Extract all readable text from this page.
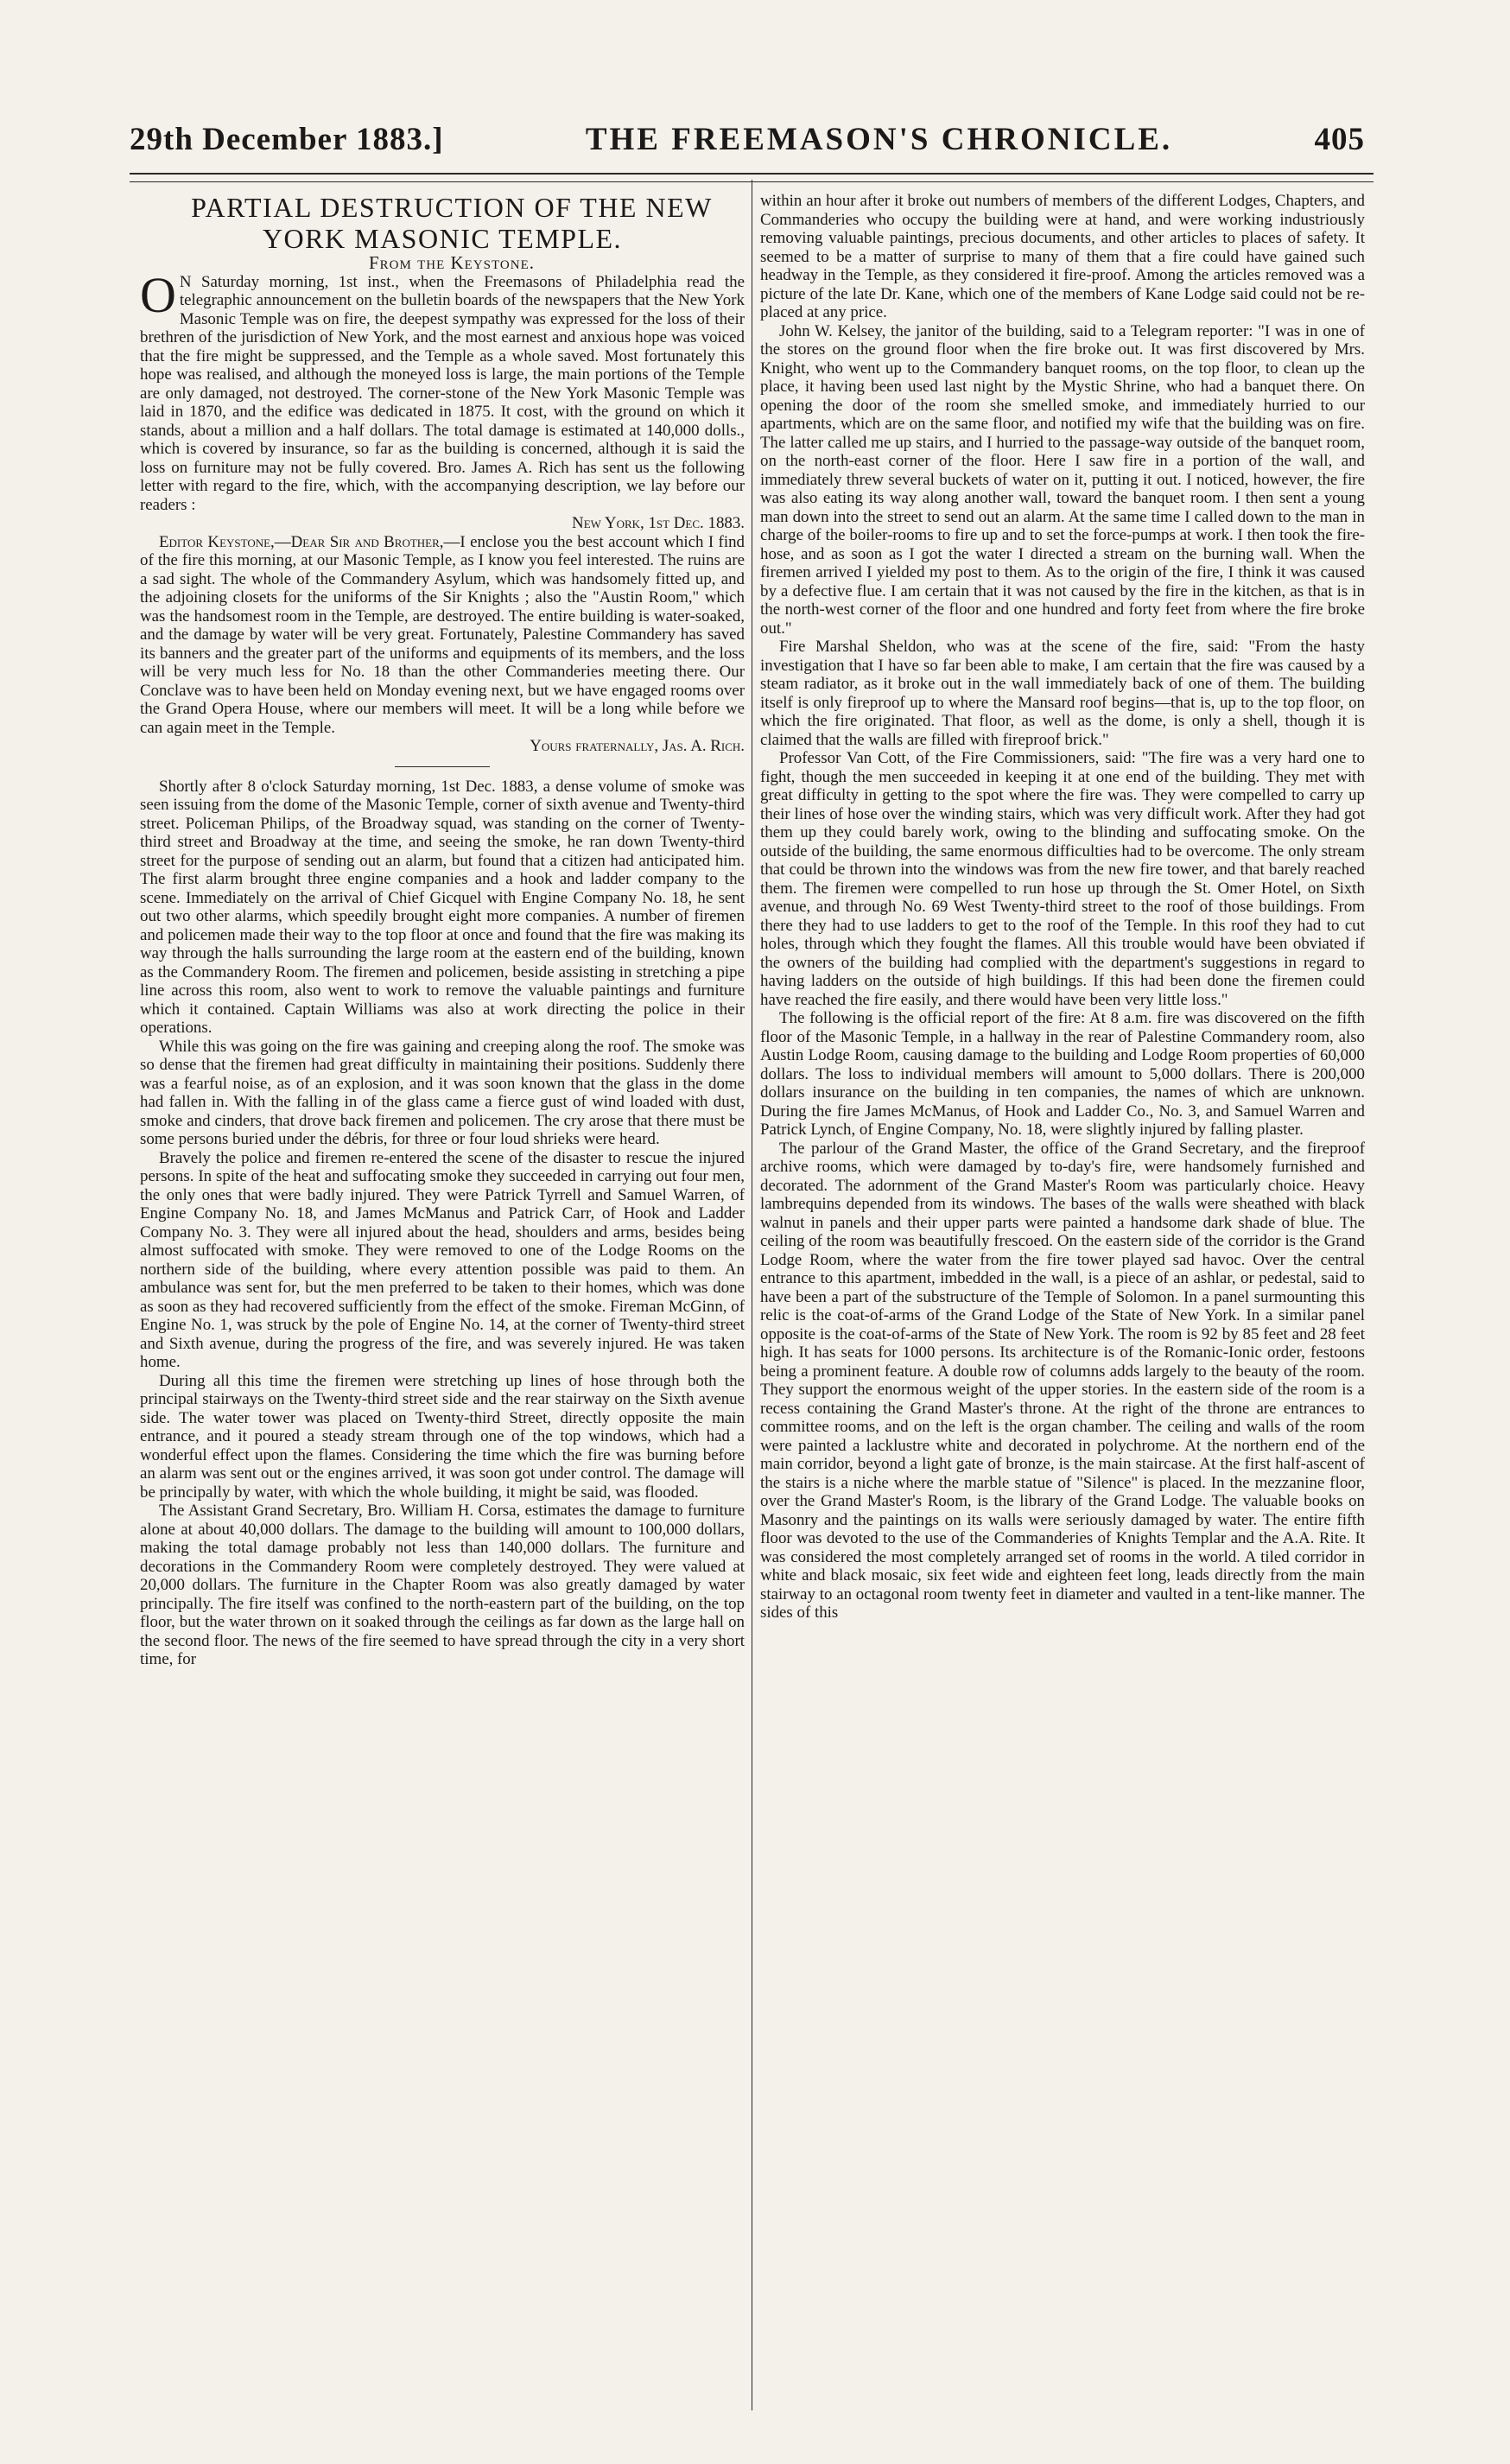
29th December 1883.]	THE FREEMASON'S CHRONICLE.	405

PARTIAL DESTRUCTION OF THE NEW YORK MASONIC TEMPLE.

From the Keystone.

O N Saturday morning, 1st inst., when the Freemasons of Philadelphia read the telegraphic announcement on the bulletin boards of the newspapers that the New York Masonic Temple was on fire, the deepest sympathy was expressed for the loss of their brethren of the jurisdiction of New York, and the most earnest and anxious hope was voiced that the fire might be suppressed, and the Temple as a whole saved. Most fortunately this hope was realised, and although the moneyed loss is large, the main portions of the Temple are only damaged, not destroyed. The corner-stone of the New York Masonic Temple was laid in 1870, and the edifice was dedicated in 1875. It cost, with the ground on which it stands, about a million and a half dollars. The total damage is estimated at 140,000 dolls., which is covered by insurance, so far as the building is concerned, although it is said the loss on furniture may not be fully covered. Bro. James A. Rich has sent us the following letter with regard to the fire, which, with the accompanying description, we lay before our readers :

New York, 1st Dec. 1883.

Editor Keystone,—Dear Sir and Brother,—I enclose you the best account which I find of the fire this morning, at our Masonic Temple, as I know you feel interested. The ruins are a sad sight. The whole of the Commandery Asylum, which was handsomely fitted up, and the adjoining closets for the uniforms of the Sir Knights ; also the "Austin Room," which was the handsomest room in the Temple, are destroyed. The entire building is water-soaked, and the damage by water will be very great. Fortunately, Palestine Commandery has saved its banners and the greater part of the uniforms and equipments of its members, and the loss will be very much less for No. 18 than the other Commanderies meeting there. Our Conclave was to have been held on Monday evening next, but we have engaged rooms over the Grand Opera House, where our members will meet. It will be a long while before we can again meet in the Temple.

Yours fraternally, Jas. A. Rich.

Shortly after 8 o'clock Saturday morning, 1st Dec. 1883, a dense volume of smoke was seen issuing from the dome of the Masonic Temple, corner of sixth avenue and Twenty-third street. Policeman Philips, of the Broadway squad, was standing on the corner of Twenty-third street and Broadway at the time, and seeing the smoke, he ran down Twenty-third street for the purpose of sending out an alarm, but found that a citizen had anticipated him. The first alarm brought three engine companies and a hook and ladder company to the scene. Immediately on the arrival of Chief Gicquel with Engine Company No. 18, he sent out two other alarms, which speedily brought eight more companies. A number of firemen and policemen made their way to the top floor at once and found that the fire was making its way through the halls surrounding the large room at the eastern end of the building, known as the Commandery Room. The firemen and policemen, beside assisting in stretching a pipe line across this room, also went to work to remove the valuable paintings and furniture which it contained. Captain Williams was also at work directing the police in their operations.

While this was going on the fire was gaining and creeping along the roof. The smoke was so dense that the firemen had great difficulty in maintaining their positions. Suddenly there was a fearful noise, as of an explosion, and it was soon known that the glass in the dome had fallen in. With the falling in of the glass came a fierce gust of wind loaded with dust, smoke and cinders, that drove back firemen and policemen. The cry arose that there must be some persons buried under the débris, for three or four loud shrieks were heard.

Bravely the police and firemen re-entered the scene of the disaster to rescue the injured persons. In spite of the heat and suffocating smoke they succeeded in carrying out four men, the only ones that were badly injured. They were Patrick Tyrrell and Samuel Warren, of Engine Company No. 18, and James McManus and Patrick Carr, of Hook and Ladder Company No. 3. They were all injured about the head, shoulders and arms, besides being almost suffocated with smoke. They were removed to one of the Lodge Rooms on the northern side of the building, where every attention possible was paid to them. An ambulance was sent for, but the men preferred to be taken to their homes, which was done as soon as they had recovered sufficiently from the effect of the smoke. Fireman McGinn, of Engine No. 1, was struck by the pole of Engine No. 14, at the corner of Twenty-third street and Sixth avenue, during the progress of the fire, and was severely injured. He was taken home.

During all this time the firemen were stretching up lines of hose through both the principal stairways on the Twenty-third street side and the rear stairway on the Sixth avenue side. The water tower was placed on Twenty-third Street, directly opposite the main entrance, and it poured a steady stream through one of the top windows, which had a wonderful effect upon the flames. Considering the time which the fire was burning before an alarm was sent out or the engines arrived, it was soon got under control. The damage will be principally by water, with which the whole building, it might be said, was flooded.

The Assistant Grand Secretary, Bro. William H. Corsa, estimates the damage to furniture alone at about 40,000 dollars. The damage to the building will amount to 100,000 dollars, making the total damage probably not less than 140,000 dollars. The furniture and decorations in the Commandery Room were completely destroyed. They were valued at 20,000 dollars. The furniture in the Chapter Room was also greatly damaged by water principally. The fire itself was confined to the north-eastern part of the building, on the top floor, but the water thrown on it soaked through the ceilings as far down as the large hall on the second floor. The news of the fire seemed to have spread through the city in a very short time, for

within an hour after it broke out numbers of members of the different Lodges, Chapters, and Commanderies who occupy the building were at hand, and were working industriously removing valuable paintings, precious documents, and other articles to places of safety. It seemed to be a matter of surprise to many of them that a fire could have gained such headway in the Temple, as they considered it fire-proof. Among the articles removed was a picture of the late Dr. Kane, which one of the members of Kane Lodge said could not be re-placed at any price.

John W. Kelsey, the janitor of the building, said to a Telegram reporter: "I was in one of the stores on the ground floor when the fire broke out. It was first discovered by Mrs. Knight, who went up to the Commandery banquet rooms, on the top floor, to clean up the place, it having been used last night by the Mystic Shrine, who had a banquet there. On opening the door of the room she smelled smoke, and immediately hurried to our apartments, which are on the same floor, and notified my wife that the building was on fire. The latter called me up stairs, and I hurried to the passage-way outside of the banquet room, on the north-east corner of the floor. Here I saw fire in a portion of the wall, and immediately threw several buckets of water on it, putting it out. I noticed, however, the fire was also eating its way along another wall, toward the banquet room. I then sent a young man down into the street to send out an alarm. At the same time I called down to the man in charge of the boiler-rooms to fire up and to set the force-pumps at work. I then took the fire-hose, and as soon as I got the water I directed a stream on the burning wall. When the firemen arrived I yielded my post to them. As to the origin of the fire, I think it was caused by a defective flue. I am certain that it was not caused by the fire in the kitchen, as that is in the north-west corner of the floor and one hundred and forty feet from where the fire broke out."

Fire Marshal Sheldon, who was at the scene of the fire, said: "From the hasty investigation that I have so far been able to make, I am certain that the fire was caused by a steam radiator, as it broke out in the wall immediately back of one of them. The building itself is only fireproof up to where the Mansard roof begins—that is, up to the top floor, on which the fire originated. That floor, as well as the dome, is only a shell, though it is claimed that the walls are filled with fireproof brick."

Professor Van Cott, of the Fire Commissioners, said: "The fire was a very hard one to fight, though the men succeeded in keeping it at one end of the building. They met with great difficulty in getting to the spot where the fire was. They were compelled to carry up their lines of hose over the winding stairs, which was very difficult work. After they had got them up they could barely work, owing to the blinding and suffocating smoke. On the outside of the building, the same enormous difficulties had to be overcome. The only stream that could be thrown into the windows was from the new fire tower, and that barely reached them. The firemen were compelled to run hose up through the St. Omer Hotel, on Sixth avenue, and through No. 69 West Twenty-third street to the roof of those buildings. From there they had to use ladders to get to the roof of the Temple. In this roof they had to cut holes, through which they fought the flames. All this trouble would have been obviated if the owners of the building had complied with the department's suggestions in regard to having ladders on the outside of high buildings. If this had been done the firemen could have reached the fire easily, and there would have been very little loss."

The following is the official report of the fire: At 8 a.m. fire was discovered on the fifth floor of the Masonic Temple, in a hallway in the rear of Palestine Commandery room, also Austin Lodge Room, causing damage to the building and Lodge Room properties of 60,000 dollars. The loss to individual members will amount to 5,000 dollars. There is 200,000 dollars insurance on the building in ten companies, the names of which are unknown. During the fire James McManus, of Hook and Ladder Co., No. 3, and Samuel Warren and Patrick Lynch, of Engine Company, No. 18, were slightly injured by falling plaster.

The parlour of the Grand Master, the office of the Grand Secretary, and the fireproof archive rooms, which were damaged by to-day's fire, were handsomely furnished and decorated. The adornment of the Grand Master's Room was particularly choice. Heavy lambrequins depended from its windows. The bases of the walls were sheathed with black walnut in panels and their upper parts were painted a handsome dark shade of blue. The ceiling of the room was beautifully frescoed. On the eastern side of the corridor is the Grand Lodge Room, where the water from the fire tower played sad havoc. Over the central entrance to this apartment, imbedded in the wall, is a piece of an ashlar, or pedestal, said to have been a part of the substructure of the Temple of Solomon. In a panel surmounting this relic is the coat-of-arms of the Grand Lodge of the State of New York. In a similar panel opposite is the coat-of-arms of the State of New York. The room is 92 by 85 feet and 28 feet high. It has seats for 1000 persons. Its architecture is of the Romanic-Ionic order, festoons being a prominent feature. A double row of columns adds largely to the beauty of the room. They support the enormous weight of the upper stories. In the eastern side of the room is a recess containing the Grand Master's throne. At the right of the throne are entrances to committee rooms, and on the left is the organ chamber. The ceiling and walls of the room were painted a lacklustre white and decorated in polychrome. At the northern end of the main corridor, beyond a light gate of bronze, is the main staircase. At the first half-ascent of the stairs is a niche where the marble statue of "Silence" is placed. In the mezzanine floor, over the Grand Master's Room, is the library of the Grand Lodge. The valuable books on Masonry and the paintings on its walls were seriously damaged by water. The entire fifth floor was devoted to the use of the Commanderies of Knights Templar and the A.A. Rite. It was considered the most completely arranged set of rooms in the world. A tiled corridor in white and black mosaic, six feet wide and eighteen feet long, leads directly from the main stairway to an octagonal room twenty feet in diameter and vaulted in a tent-like manner. The sides of this
